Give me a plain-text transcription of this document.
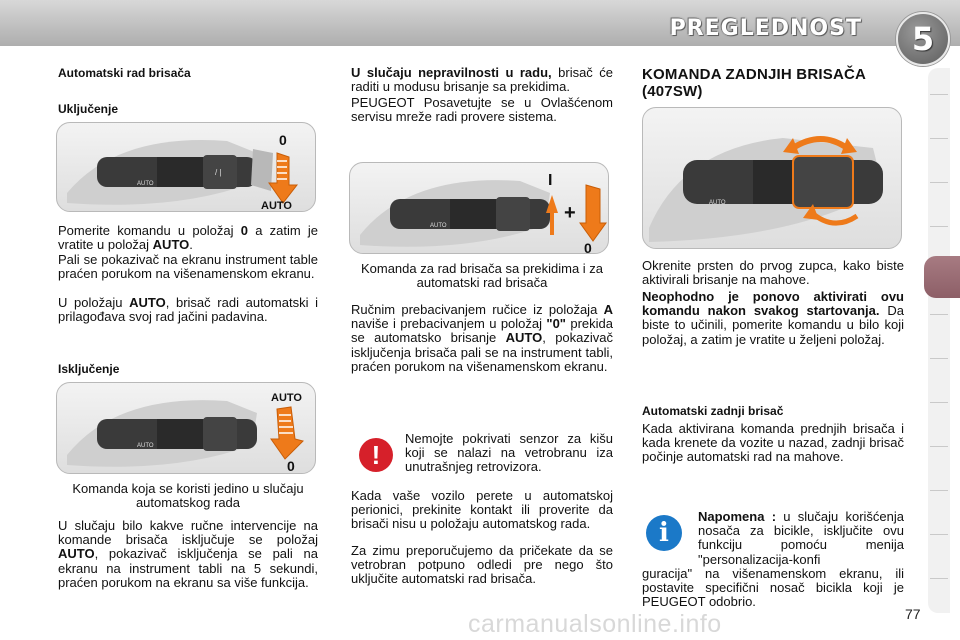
PREGLEDNOST	5
Automatski rad brisača
Uključenje
AUTO
/ |
0
AUTO
Pomerite komandu u položaj 0 a zatim je vratite u položaj AUTO.
Pali se pokazivač na ekranu instrument table praćen porukom na višenamenskom ekranu.
U položaju AUTO, brisač radi automatski i prilagođava svoj rad jačini padavina.
Isključenje
AUTO
AUTO
0
Komanda koja se koristi jedino u slučaju automatskog rada
U slučaju bilo kakve ručne intervencije na komande brisača isključuje se položaj AUTO, pokazivač isključenja se pali na ekranu na instrument tabli na 5 sekundi, praćen porukom na ekranu sa više funkcija.
U slučaju nepravilnosti u radu, brisač će raditi u modusu brisanje sa prekidima.
PEUGEOT Posavetujte se u Ovlašćenom servisu mreže radi provere sistema.
AUTO
I
+
0
Komanda za rad brisača sa prekidima i za automatski rad brisača
Ručnim prebacivanjem ručice iz položaja A naviše i prebacivanjem u položaj "0" prekida se automatsko brisanje AUTO, pokazivač isključenja brisača pali se na instrument tabli, praćen porukom na višenamenskom ekranu.
!
Nemojte pokrivati senzor za kišu koji se nalazi na vetrobranu iza unutrašnjeg retrovizora.
Kada vaše vozilo perete u automatskoj perionici, prekinite kontakt ili proverite da brisači nisu u položaju automatskog rada.
Za zimu preporučujemo da pričekate da se vetrobran potpuno odledi pre nego što uključite automatski rad brisača.
KOMANDA ZADNJIH BRISAČA (407SW)
AUTO
Okrenite prsten do prvog zupca, kako biste aktivirali brisanje na mahove.
Neophodno je ponovo aktivirati ovu komandu nakon svakog startovanja. Da biste to učinili, pomerite komandu u bilo koji položaj, a zatim je vratite u željeni položaj.
Automatski zadnji brisač
Kada aktivirana komanda prednjih brisača i kada krenete da vozite u nazad, zadnji brisač počinje automatski rad na mahove.
i
Napomena : u slučaju korišćenja nosača za bicikle, isključite ovu funkciju pomoću menija "personalizacija-konfi
guracija" na višenamenskom ekranu, ili postavite specifični nosač bicikla koji je PEUGEOT odobrio.
77
carmanualsonline.info
